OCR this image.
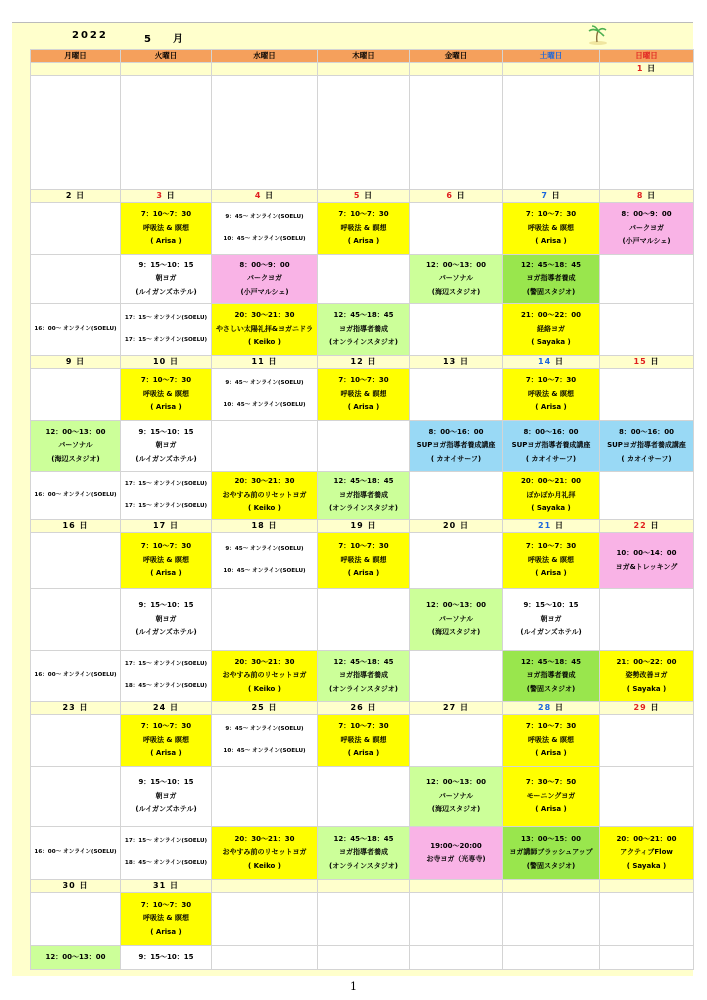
2022	5　月
月曜日	火曜日	水曜日	木曜日	金曜日	土曜日	日曜日
						1 日

2 日	3 日	4 日	5 日	6 日	7 日	8 日

	7：10〜7：30
呼吸法 & 瞑想
( Arisa )	9：45〜 オンライン(SOELU)
10：45〜 オンライン(SOELU)	7：10〜7：30
呼吸法 & 瞑想
( Arisa )		7：10〜7：30
呼吸法 & 瞑想
( Arisa )	8：00〜9：00
パークヨガ
(小戸マルシェ)

	9：15〜10：15
朝ヨガ
(ルイガンズホテル)	8：00〜9：00
パークヨガ
(小戸マルシェ)		12：00〜13：00
パーソナル
(海辺スタジオ)	12：45〜18：45
ヨガ指導者養成
(警固スタジオ)	

16：00〜 オンライン(SOELU)	17：15〜 オンライン(SOELU)
17：15〜 オンライン(SOELU)	20：30〜21：30
やさしい太陽礼拝&ヨガニドラ
( Keiko )	12：45〜18：45
ヨガ指導者養成
(オンラインスタジオ)		21：00〜22：00
経絡ヨガ
( Sayaka )	

9 日	10 日	11 日	12 日	13 日	14 日	15 日

	7：10〜7：30
呼吸法 & 瞑想
( Arisa )	9：45〜 オンライン(SOELU)
10：45〜 オンライン(SOELU)	7：10〜7：30
呼吸法 & 瞑想
( Arisa )		7：10〜7：30
呼吸法 & 瞑想
( Arisa )	

12：00〜13：00
パーソナル
(海辺スタジオ)	9：15〜10：15
朝ヨガ
(ルイガンズホテル)			8：00〜16：00
SUPヨガ指導者養成講座
( カオイサーフ)	8：00〜16：00
SUPヨガ指導者養成講座
( カオイサーフ)	8：00〜16：00
SUPヨガ指導者養成講座
( カオイサーフ)

16：00〜 オンライン(SOELU)	17：15〜 オンライン(SOELU)
17：15〜 オンライン(SOELU)	20：30〜21：30
おやすみ前のリセットヨガ
( Keiko )	12：45〜18：45
ヨガ指導者養成
(オンラインスタジオ)		20：00〜21：00
ぽかぽか月礼拝
( Sayaka )	

16 日	17 日	18 日	19 日	20 日	21 日	22 日

	7：10〜7：30
呼吸法 & 瞑想
( Arisa )	9：45〜 オンライン(SOELU)
10：45〜 オンライン(SOELU)	7：10〜7：30
呼吸法 & 瞑想
( Arisa )		7：10〜7：30
呼吸法 & 瞑想
( Arisa )	10：00〜14：00
ヨガ&トレッキング

	9：15〜10：15
朝ヨガ
(ルイガンズホテル)			12：00〜13：00
パーソナル
(海辺スタジオ)	9：15〜10：15
朝ヨガ
(ルイガンズホテル)	

16：00〜 オンライン(SOELU)	17：15〜 オンライン(SOELU)
18：45〜 オンライン(SOELU)	20：30〜21：30
おやすみ前のリセットヨガ
( Keiko )	12：45〜18：45
ヨガ指導者養成
(オンラインスタジオ)		12：45〜18：45
ヨガ指導者養成
(警固スタジオ)	21：00〜22：00
姿勢改善ヨガ
( Sayaka )

23 日	24 日	25 日	26 日	27 日	28 日	29 日

	7：10〜7：30
呼吸法 & 瞑想
( Arisa )	9：45〜 オンライン(SOELU)
10：45〜 オンライン(SOELU)	7：10〜7：30
呼吸法 & 瞑想
( Arisa )		7：10〜7：30
呼吸法 & 瞑想
( Arisa )	

	9：15〜10：15
朝ヨガ
(ルイガンズホテル)			12：00〜13：00
パーソナル
(海辺スタジオ)	7：30〜7：50
モーニングヨガ
( Arisa )	

16：00〜 オンライン(SOELU)	17：15〜 オンライン(SOELU)
18：45〜 オンライン(SOELU)	20：30〜21：30
おやすみ前のリセットヨガ
( Keiko )	12：45〜18：45
ヨガ指導者養成
(オンラインスタジオ)	19:00〜20:00
お寺ヨガ（光専寺)	13：00〜15：00
ヨガ講師ブラッシュアップ
(警固スタジオ)	20：00〜21：00
アクティブFlow
( Sayaka )

30 日	31 日					

	7：10〜7：30
呼吸法 & 瞑想
( Arisa )					

12：00〜13：00	9：15〜10：15					

1
